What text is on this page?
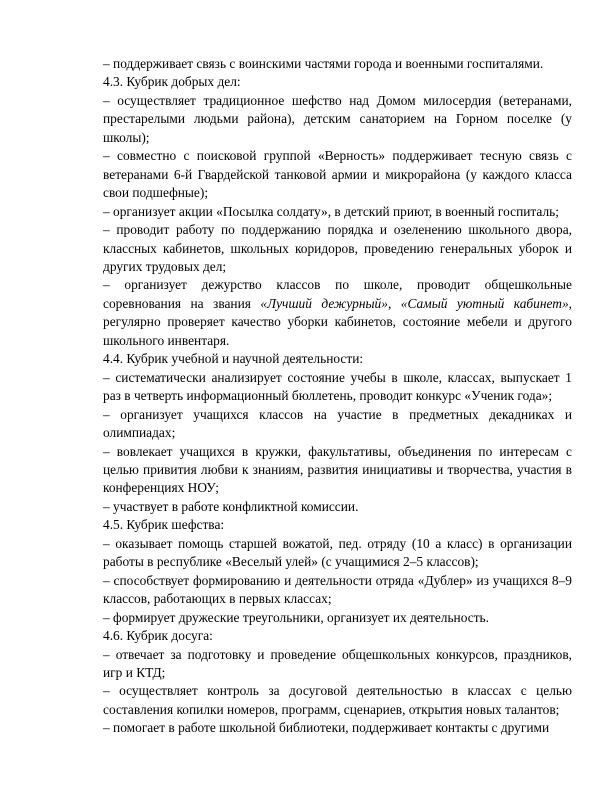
– поддерживает связь с воинскими частями города и военными госпиталями.

4.3. Кубрик добрых дел:

– осуществляет традиционное шефство над Домом милосердия (ветеранами, престарелыми людьми района), детским санаторием на Горном поселке (у школы);

– совместно с поисковой группой «Верность» поддерживает тесную связь с ветеранами 6-й Гвардейской танковой армии и микрорайона (у каждого класса свои подшефные);

– организует акции «Посылка солдату», в детский приют, в военный госпиталь;

– проводит работу по поддержанию порядка и озеленению школьного двора, классных кабинетов, школьных коридоров, проведению генеральных уборок и других трудовых дел;

– организует дежурство классов по школе, проводит общешкольные соревнования на звания «Лучший дежурный», «Самый уютный кабинет», регулярно проверяет качество уборки кабинетов, состояние мебели и другого школьного инвентаря.

4.4. Кубрик учебной и научной деятельности:

– систематически анализирует состояние учебы в школе, классах, выпускает 1 раз в четверть информационный бюллетень, проводит конкурс «Ученик года»;

– организует учащихся классов на участие в предметных декадниках и олимпиадах;

– вовлекает учащихся в кружки, факультативы, объединения по интересам с целью привития любви к знаниям, развития инициативы и творчества, участия в конференциях НОУ;

– участвует в работе конфликтной комиссии.

4.5. Кубрик шефства:

– оказывает помощь старшей вожатой, пед. отряду (10 а класс) в организации работы в республике «Веселый улей» (с учащимися 2–5 классов);

– способствует формированию и деятельности отряда «Дублер» из учащихся 8–9 классов, работающих в первых классах;

– формирует дружеские треугольники, организует их деятельность.

4.6. Кубрик досуга:

– отвечает за подготовку и проведение общешкольных конкурсов, праздников, игр и КТД;

– осуществляет контроль за досуговой деятельностью в классах с целью составления копилки номеров, программ, сценариев, открытия новых талантов;

– помогает в работе школьной библиотеки, поддерживает контакты с другими
